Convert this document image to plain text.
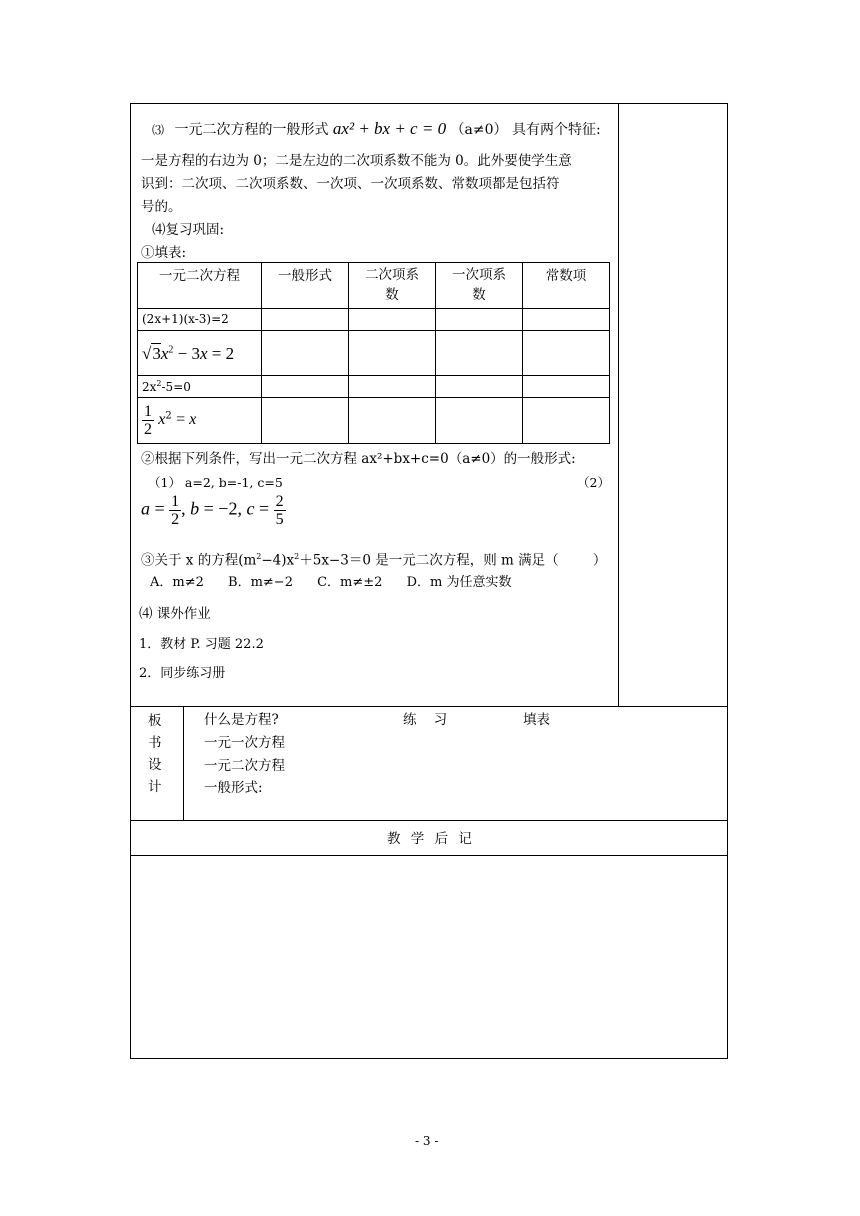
⑶ 一元二次方程的一般形式 ax² + bx + c = 0 （a≠0） 具有两个特征:
一是方程的右边为 0；二是左边的二次项系数不能为 0。此外要使学生意
识到：二次项、二次项系数、一次项、一次项系数、常数项都是包括符
号的。
⑷复习巩固:
①填表:
一元二次方程	一般形式	二次项系
数	一次项系
数	常数项

(2x+1)(x-3)=2				

$√3x^2 - 3x = 2$				

$2x^2-5=0$				

$\frac{1}{2} x^2 = x$				
②根据下列条件，写出一元二次方程 ax²+bx+c=0（a≠0）的一般形式:
（1） a=2, b=-1, c=5	（2）
$a = \frac{1}{2}$ , b = −2, $c = \frac{2}{5}$
③关于 x 的方程$(m^2-4)x^2+5x-3=0$ 是一元二次方程，则 m 满足（        ）
A．m≠2 B．m≠−2 C．m≠±2 D．m 为任意实数
⑷ 课外作业
1．教材 P. 习题 22.2
2．同步练习册
板
书
设
计
什么是方程?	练    习	填表
一元一次方程
一元二次方程
一般形式:
教 学 后 记
- 3 -
